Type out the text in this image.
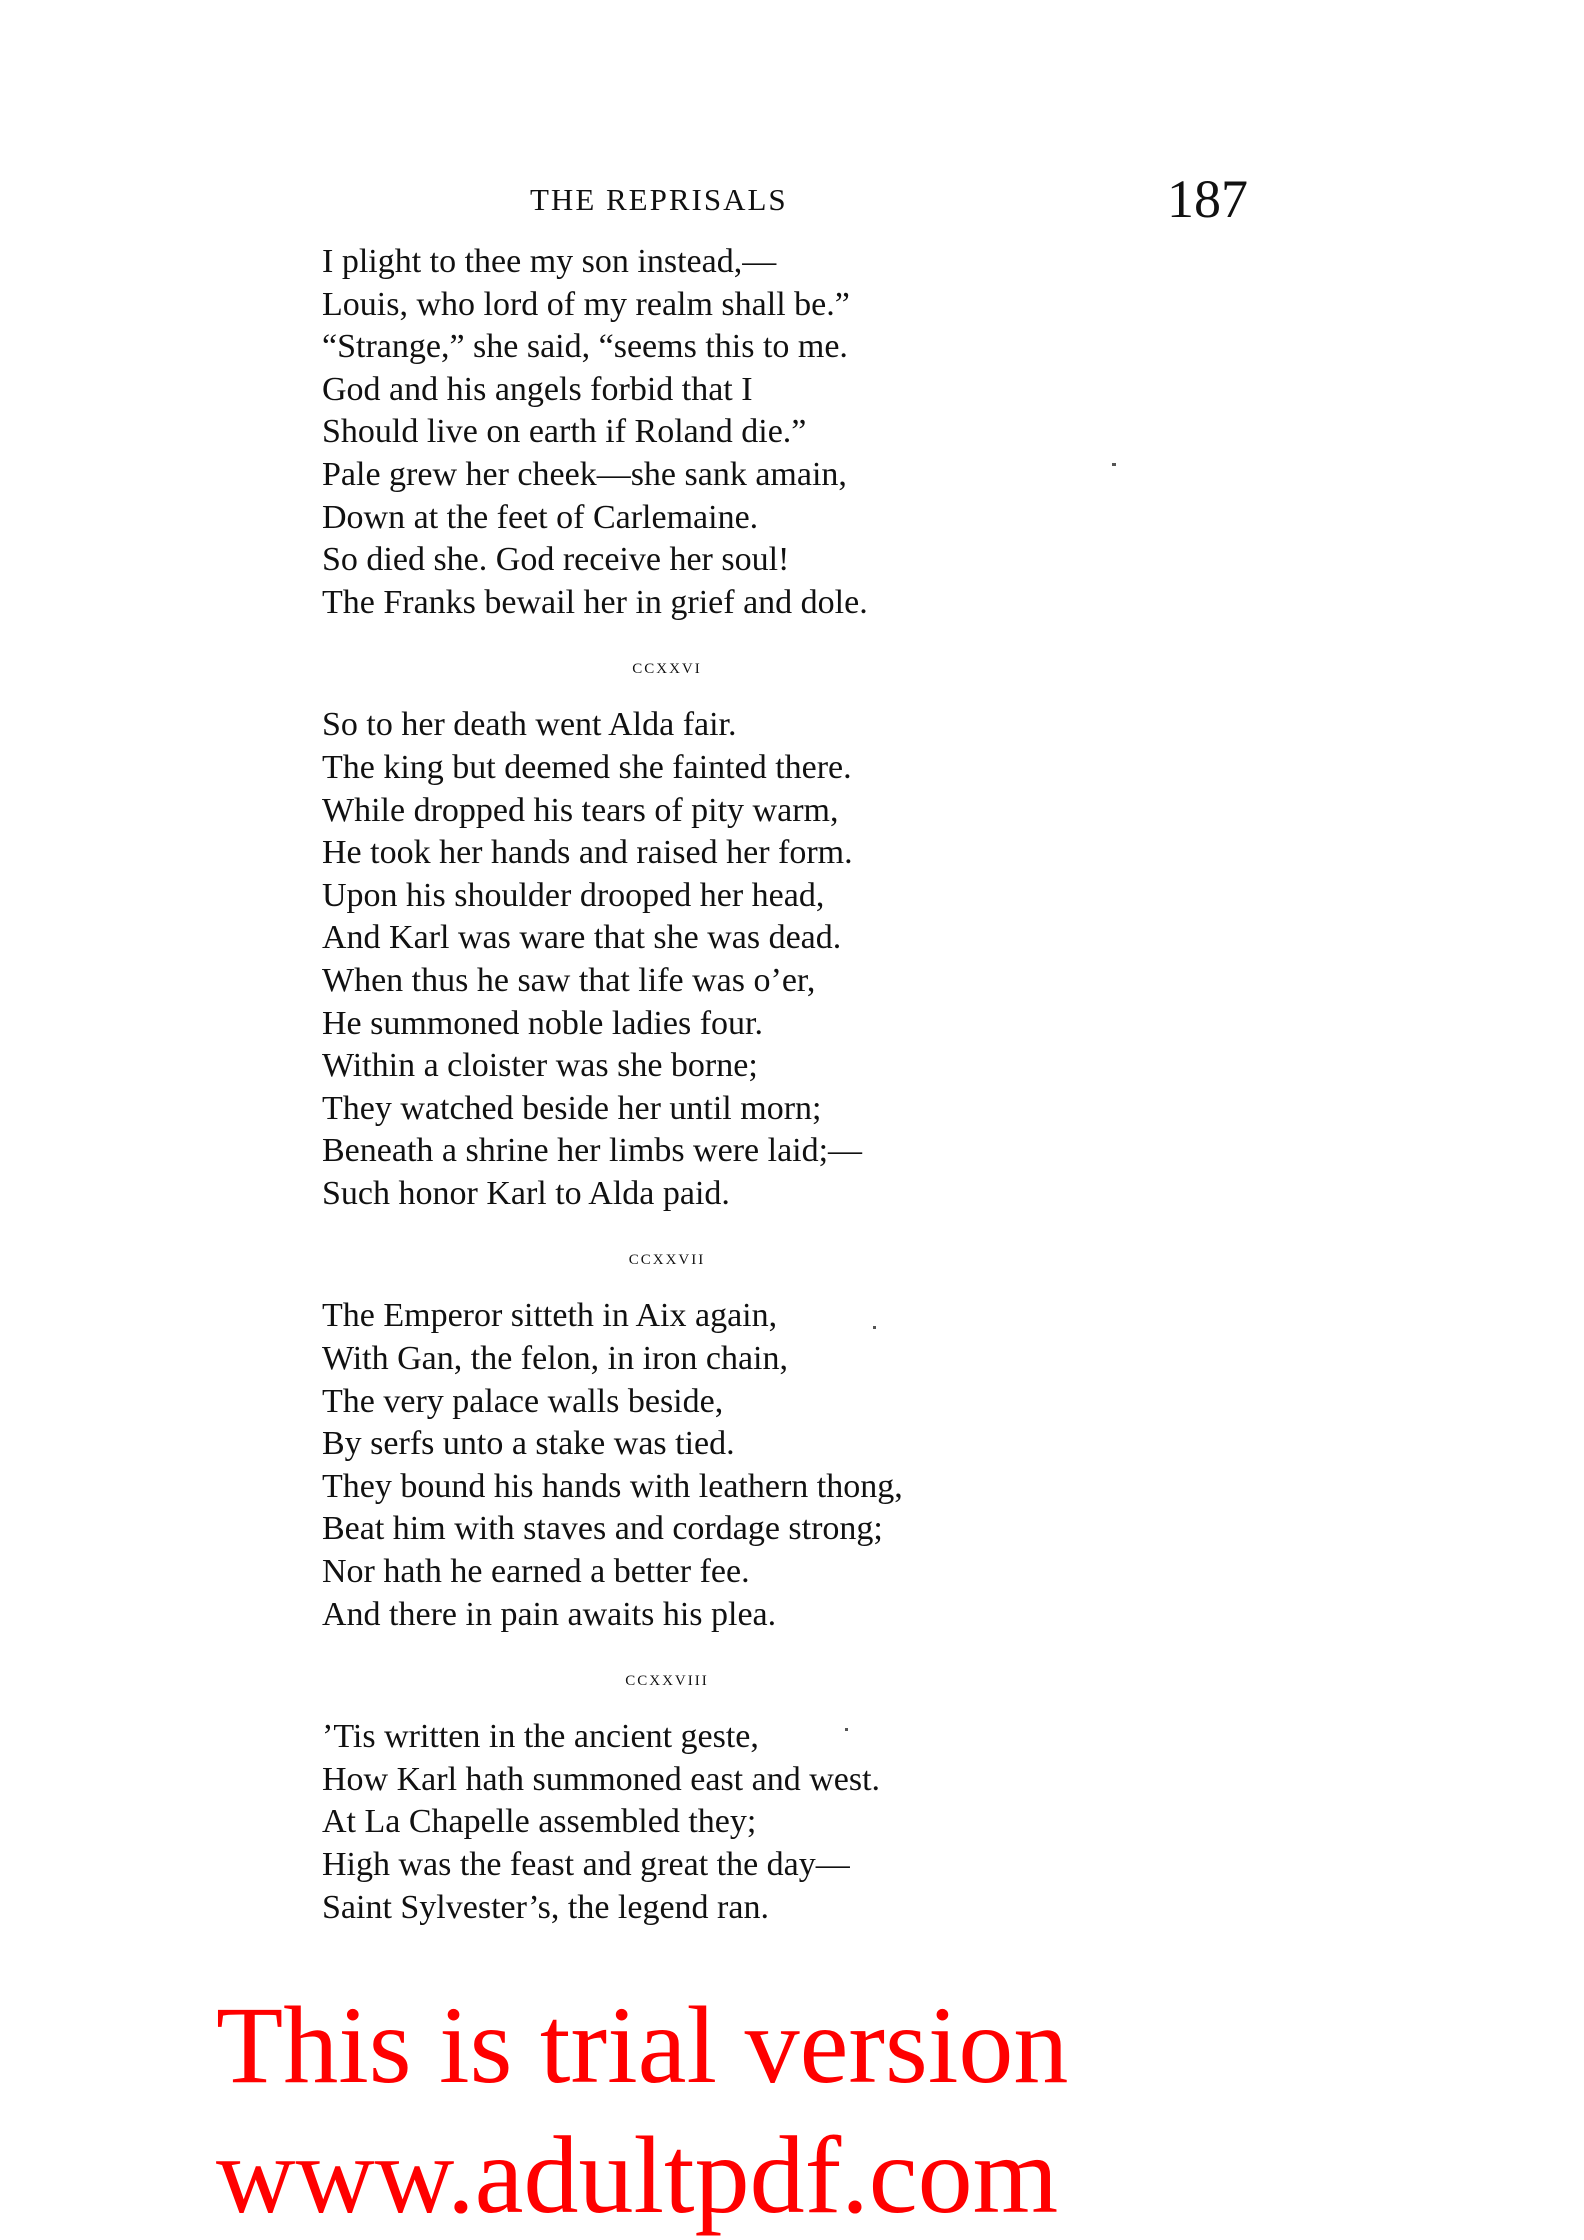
THE REPRISALS	187
I plight to thee my son instead,—
Louis, who lord of my realm shall be.”
“Strange,” she said, “seems this to me.
God and his angels forbid that I
Should live on earth if Roland die.”
Pale grew her cheek—she sank amain,
Down at the feet of Carlemaine.
So died she. God receive her soul!
The Franks bewail her in grief and dole.
ccxxvi
So to her death went Alda fair.
The king but deemed she fainted there.
While dropped his tears of pity warm,
He took her hands and raised her form.
Upon his shoulder drooped her head,
And Karl was ware that she was dead.
When thus he saw that life was o’er,
He summoned noble ladies four.
Within a cloister was she borne;
They watched beside her until morn;
Beneath a shrine her limbs were laid;—
Such honor Karl to Alda paid.
ccxxvii
The Emperor sitteth in Aix again,
With Gan, the felon, in iron chain,
The very palace walls beside,
By serfs unto a stake was tied.
They bound his hands with leathern thong,
Beat him with staves and cordage strong;
Nor hath he earned a better fee.
And there in pain awaits his plea.
ccxxviii
’Tis written in the ancient geste,
How Karl hath summoned east and west.
At La Chapelle assembled they;
High was the feast and great the day—
Saint Sylvester’s, the legend ran.
This is trial version
www.adultpdf.com
